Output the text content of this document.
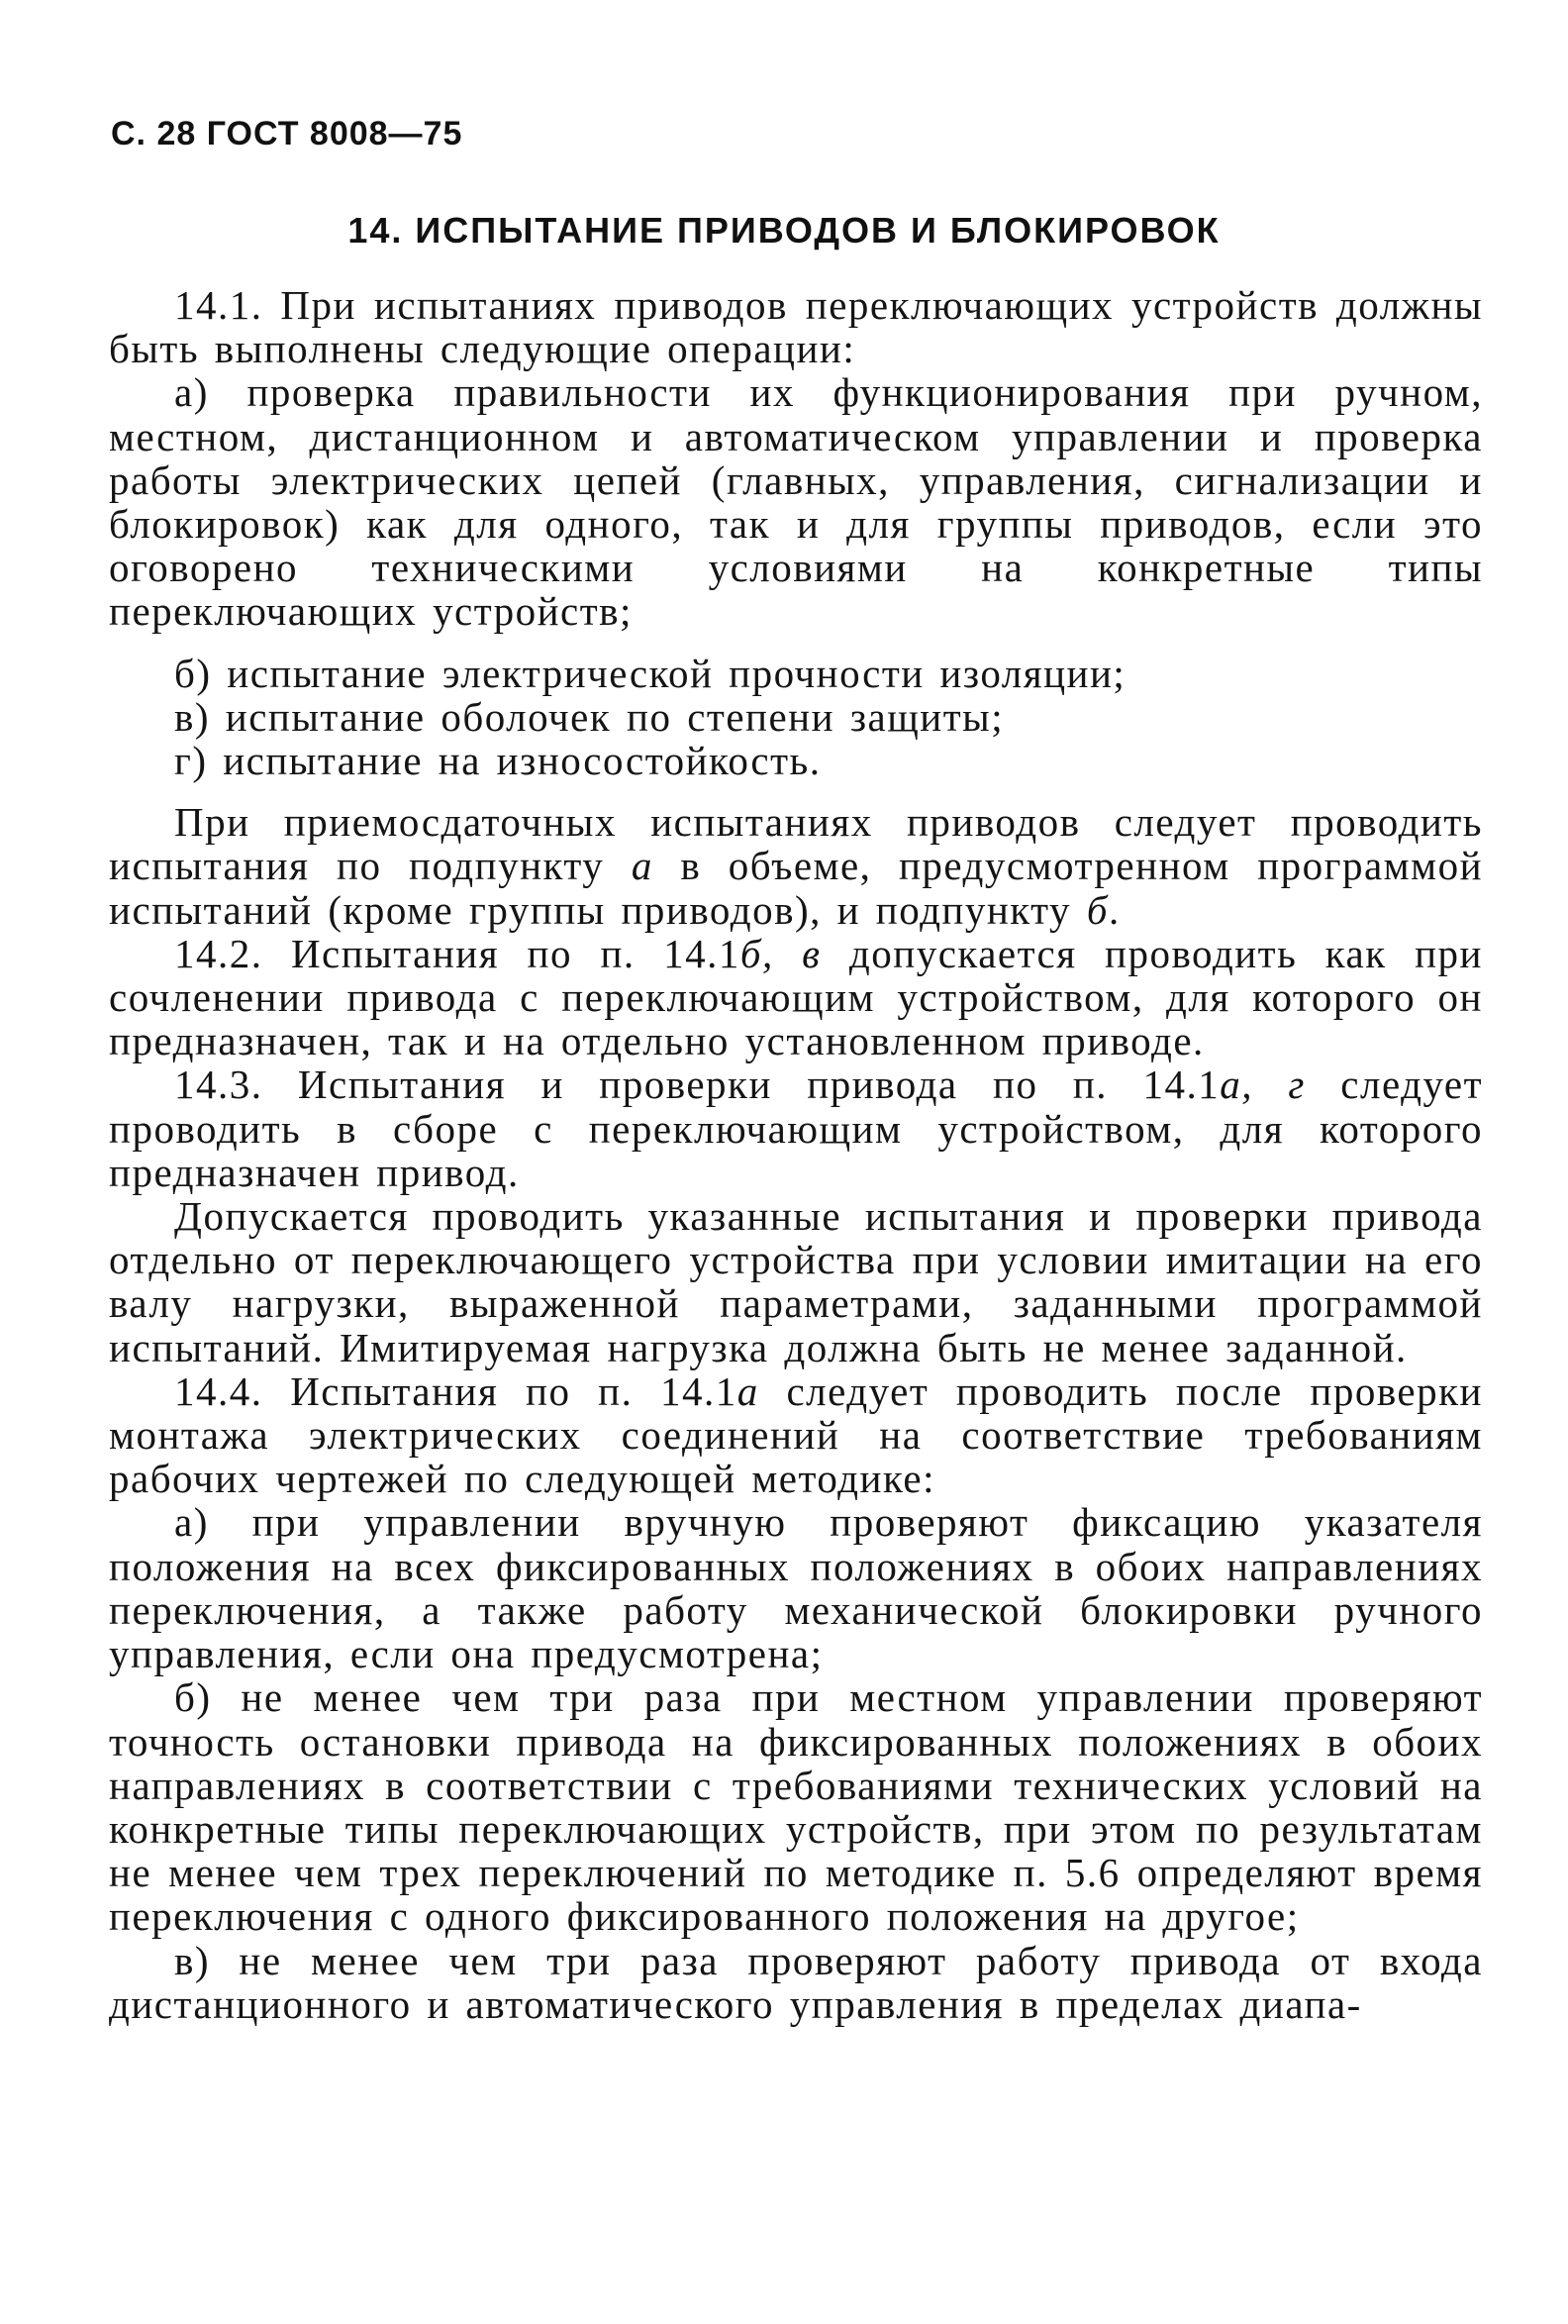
С. 28 ГОСТ 8008—75
14. ИСПЫТАНИЕ ПРИВОДОВ И БЛОКИРОВОК

14.1. При испытаниях приводов переключающих устройств должны быть выполнены следующие операции:

а) проверка правильности их функционирования при ручном, местном, дистанционном и автоматическом управлении и проверка работы электрических цепей (главных, управления, сигнализации и блокировок) как для одного, так и для группы приводов, если это оговорено техническими условиями на конкретные типы переключающих устройств;

б) испытание электрической прочности изоляции;

в) испытание оболочек по степени защиты;

г) испытание на износостойкость.

При приемосдаточных испытаниях приводов следует проводить испытания по подпункту а в объеме, предусмотренном программой испытаний (кроме группы приводов), и подпункту б.

14.2. Испытания по п. 14.1б, в допускается проводить как при сочленении привода с переключающим устройством, для которого он предназначен, так и на отдельно установленном приводе.

14.3. Испытания и проверки привода по п. 14.1а, г следует проводить в сборе с переключающим устройством, для которого предназначен привод.

Допускается проводить указанные испытания и проверки привода отдельно от переключающего устройства при условии имитации на его валу нагрузки, выраженной параметрами, заданными программой испытаний. Имитируемая нагрузка должна быть не менее заданной.

14.4. Испытания по п. 14.1а следует проводить после проверки монтажа электрических соединений на соответствие требованиям рабочих чертежей по следующей методике:

а) при управлении вручную проверяют фиксацию указателя положения на всех фиксированных положениях в обоих направлениях переключения, а также работу механической блокировки ручного управления, если она предусмотрена;

б) не менее чем три раза при местном управлении проверяют точность остановки привода на фиксированных положениях в обоих направлениях в соответствии с требованиями технических условий на конкретные типы переключающих устройств, при этом по результатам не менее чем трех переключений по методике п. 5.6 определяют время переключения с одного фиксированного положения на другое;

в) не менее чем три раза проверяют работу привода от входа дистанционного и автоматического управления в пределах диапа-
